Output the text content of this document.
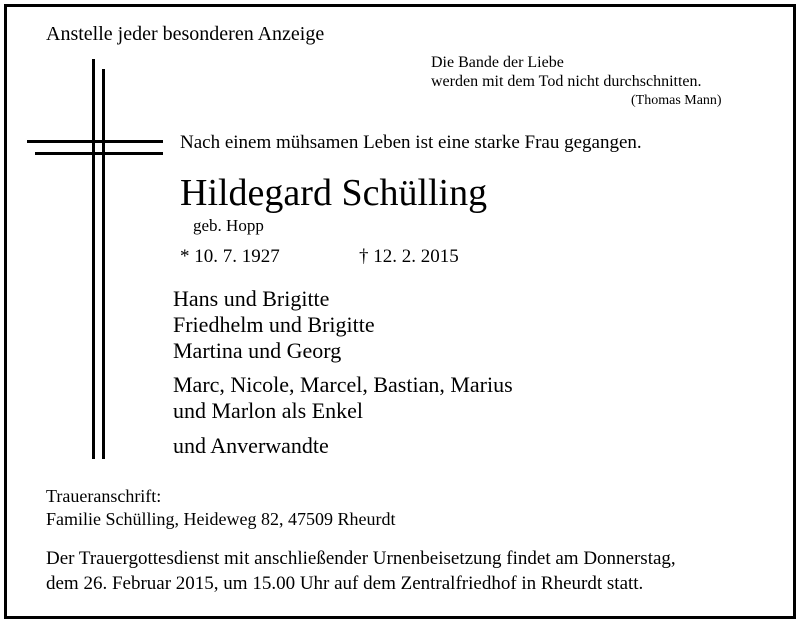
Anstelle jeder besonderen Anzeige
Die Bande der Liebe
werden mit dem Tod nicht durchschnitten.
(Thomas Mann)
Nach einem mühsamen Leben ist eine starke Frau gegangen.
Hildegard Schülling
geb. Hopp
* 10. 7. 1927	† 12. 2. 2015
Hans und Brigitte
Friedhelm und Brigitte
Martina und Georg
Marc, Nicole, Marcel, Bastian, Marius
und Marlon als Enkel
und Anverwandte
Traueranschrift:
Familie Schülling, Heideweg 82, 47509 Rheurdt
Der Trauergottesdienst mit anschließender Urnenbeisetzung findet am Donnerstag,
dem 26. Februar 2015, um 15.00 Uhr auf dem Zentralfriedhof in Rheurdt statt.
